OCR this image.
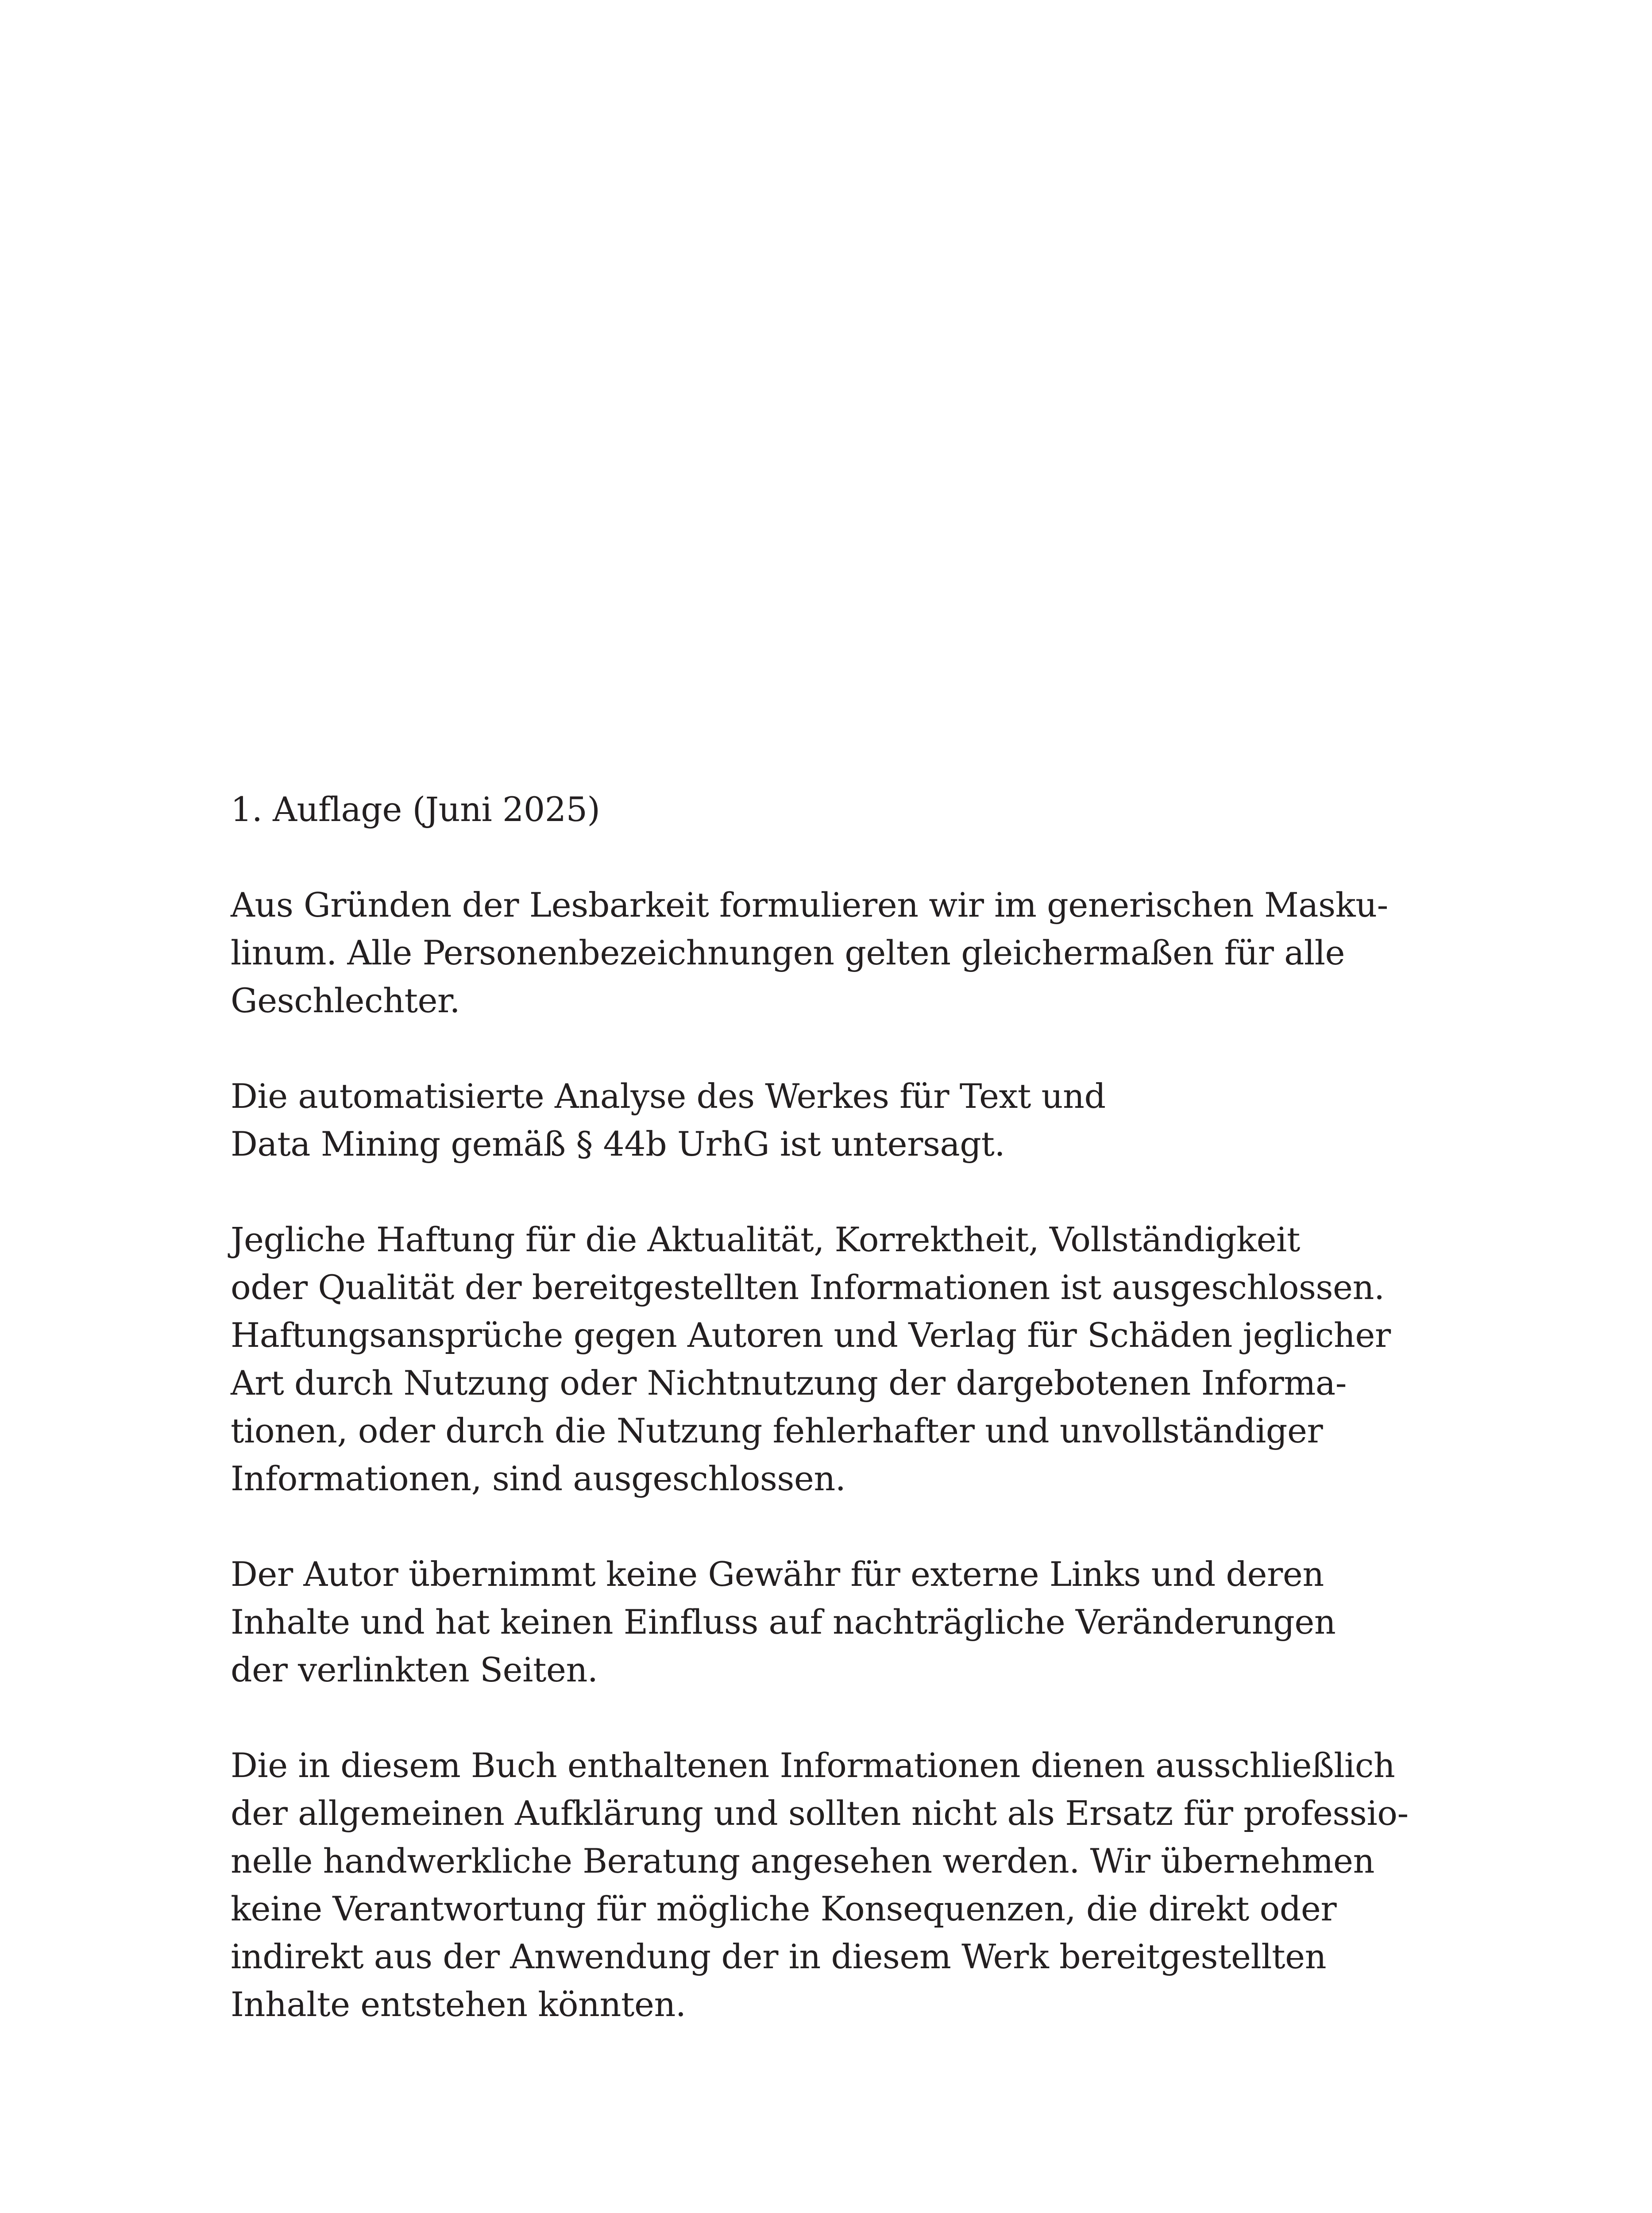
1. Auflage (Juni 2025)

Aus Gründen der Lesbarkeit formulieren wir im generischen Masku-
linum. Alle Personenbezeichnungen gelten gleichermaßen für alle
Geschlechter.

Die automatisierte Analyse des Werkes für Text und
Data Mining gemäß § 44b UrhG ist untersagt.

Jegliche Haftung für die Aktualität, Korrektheit, Vollständigkeit
oder Qualität der bereitgestellten Informationen ist ausgeschlossen.
Haftungsansprüche gegen Autoren und Verlag für Schäden jeglicher
Art durch Nutzung oder Nichtnutzung der dargebotenen Informa-
tionen, oder durch die Nutzung fehlerhafter und unvollständiger
Informationen, sind ausgeschlossen.

Der Autor übernimmt keine Gewähr für externe Links und deren
Inhalte und hat keinen Einfluss auf nachträgliche Veränderungen
der verlinkten Seiten.

Die in diesem Buch enthaltenen Informationen dienen ausschließlich
der allgemeinen Aufklärung und sollten nicht als Ersatz für professio-
nelle handwerkliche Beratung angesehen werden. Wir übernehmen
keine Verantwortung für mögliche Konsequenzen, die direkt oder
indirekt aus der Anwendung der in diesem Werk bereitgestellten
Inhalte entstehen könnten.
